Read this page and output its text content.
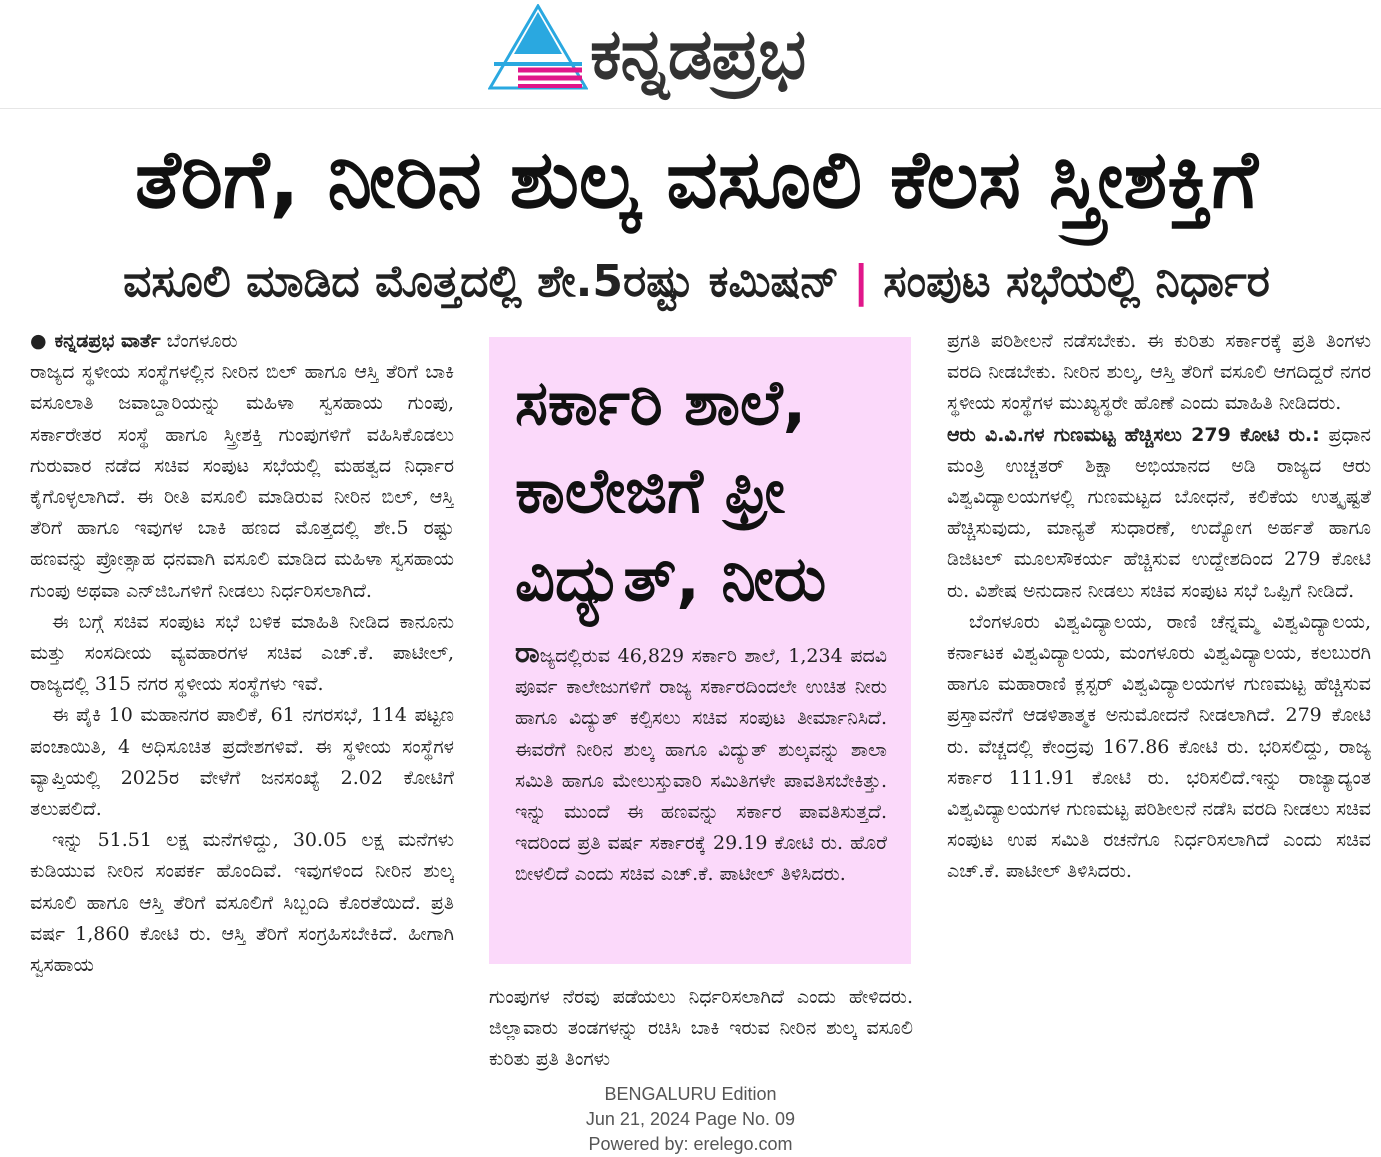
ಕನ್ನಡಪ್ರಭ
ತೆರಿಗೆ, ನೀರಿನ ಶುಲ್ಕ ವಸೂಲಿ ಕೆಲಸ ಸ್ತ್ರೀಶಕ್ತಿಗೆ
ವಸೂಲಿ ಮಾಡಿದ ಮೊತ್ತದಲ್ಲಿ ಶೇ.5ರಷ್ಟು ಕಮಿಷನ್ | ಸಂಪುಟ ಸಭೆಯಲ್ಲಿ ನಿರ್ಧಾರ

● ಕನ್ನಡಪ್ರಭ ವಾರ್ತೆ ಬೆಂಗಳೂರು

ರಾಜ್ಯದ ಸ್ಥಳೀಯ ಸಂಸ್ಥೆಗಳಲ್ಲಿನ ನೀರಿನ ಬಿಲ್ ಹಾಗೂ ಆಸ್ತಿ ತೆರಿಗೆ ಬಾಕಿ ವಸೂಲಾತಿ ಜವಾಬ್ದಾರಿಯನ್ನು ಮಹಿಳಾ ಸ್ವಸಹಾಯ ಗುಂಪು, ಸರ್ಕಾರೇತರ ಸಂಸ್ಥೆ ಹಾಗೂ ಸ್ತ್ರೀಶಕ್ತಿ ಗುಂಪುಗಳಿಗೆ ವಹಿಸಿಕೊಡಲು ಗುರುವಾರ ನಡೆದ ಸಚಿವ ಸಂಪುಟ ಸಭೆಯಲ್ಲಿ ಮಹತ್ವದ ನಿರ್ಧಾರ ಕೈಗೊಳ್ಳಲಾಗಿದೆ. ಈ ರೀತಿ ವಸೂಲಿ ಮಾಡಿರುವ ನೀರಿನ ಬಿಲ್, ಆಸ್ತಿ ತೆರಿಗೆ ಹಾಗೂ ಇವುಗಳ ಬಾಕಿ ಹಣದ ಮೊತ್ತದಲ್ಲಿ ಶೇ.5 ರಷ್ಟು ಹಣವನ್ನು ಪ್ರೋತ್ಸಾಹ ಧನವಾಗಿ ವಸೂಲಿ ಮಾಡಿದ ಮಹಿಳಾ ಸ್ವಸಹಾಯ ಗುಂಪು ಅಥವಾ ಎನ್‌ಜಿಒಗಳಿಗೆ ನೀಡಲು ನಿರ್ಧರಿಸಲಾಗಿದೆ.

ಈ ಬಗ್ಗೆ ಸಚಿವ ಸಂಪುಟ ಸಭೆ ಬಳಿಕ ಮಾಹಿತಿ ನೀಡಿದ ಕಾನೂನು ಮತ್ತು ಸಂಸದೀಯ ವ್ಯವಹಾರಗಳ ಸಚಿವ ಎಚ್.ಕೆ. ಪಾಟೀಲ್, ರಾಜ್ಯದಲ್ಲಿ 315 ನಗರ ಸ್ಥಳೀಯ ಸಂಸ್ಥೆಗಳು ಇವೆ.

ಈ ಪೈಕಿ 10 ಮಹಾನಗರ ಪಾಲಿಕೆ, 61 ನಗರಸಭೆ, 114 ಪಟ್ಟಣ ಪಂಚಾಯಿತಿ, 4 ಅಧಿಸೂಚಿತ ಪ್ರದೇಶಗಳಿವೆ. ಈ ಸ್ಥಳೀಯ ಸಂಸ್ಥೆಗಳ ವ್ಯಾಪ್ತಿಯಲ್ಲಿ 2025ರ ವೇಳೆಗೆ ಜನಸಂಖ್ಯೆ 2.02 ಕೋಟಿಗೆ ತಲುಪಲಿದೆ.

ಇನ್ನು 51.51 ಲಕ್ಷ ಮನೆಗಳಿದ್ದು, 30.05 ಲಕ್ಷ ಮನೆಗಳು ಕುಡಿಯುವ ನೀರಿನ ಸಂಪರ್ಕ ಹೊಂದಿವೆ. ಇವುಗಳಿಂದ ನೀರಿನ ಶುಲ್ಕ ವಸೂಲಿ ಹಾಗೂ ಆಸ್ತಿ ತೆರಿಗೆ ವಸೂಲಿಗೆ ಸಿಬ್ಬಂದಿ ಕೊರತೆಯಿದೆ. ಪ್ರತಿ ವರ್ಷ 1,860 ಕೋಟಿ ರು. ಆಸ್ತಿ ತೆರಿಗೆ ಸಂಗ್ರಹಿಸಬೇಕಿದೆ. ಹೀಗಾಗಿ ಸ್ವಸಹಾಯ

ಸರ್ಕಾರಿ ಶಾಲೆ, ಕಾಲೇಜಿಗೆ ಫ್ರೀ ವಿದ್ಯುತ್, ನೀರು

ರಾಜ್ಯದಲ್ಲಿರುವ 46,829 ಸರ್ಕಾರಿ ಶಾಲೆ, 1,234 ಪದವಿ ಪೂರ್ವ ಕಾಲೇಜುಗಳಿಗೆ ರಾಜ್ಯ ಸರ್ಕಾರದಿಂದಲೇ ಉಚಿತ ನೀರು ಹಾಗೂ ವಿದ್ಯುತ್ ಕಲ್ಪಿಸಲು ಸಚಿವ ಸಂಪುಟ ತೀರ್ಮಾನಿಸಿದೆ. ಈವರೆಗೆ ನೀರಿನ ಶುಲ್ಕ ಹಾಗೂ ವಿದ್ಯುತ್ ಶುಲ್ಕವನ್ನು ಶಾಲಾ ಸಮಿತಿ ಹಾಗೂ ಮೇಲುಸ್ತುವಾರಿ ಸಮಿತಿಗಳೇ ಪಾವತಿಸಬೇಕಿತ್ತು. ಇನ್ನು ಮುಂದೆ ಈ ಹಣವನ್ನು ಸರ್ಕಾರ ಪಾವತಿಸುತ್ತದೆ. ಇದರಿಂದ ಪ್ರತಿ ವರ್ಷ ಸರ್ಕಾರಕ್ಕೆ 29.19 ಕೋಟಿ ರು. ಹೊರೆ ಬೀಳಲಿದೆ ಎಂದು ಸಚಿವ ಎಚ್.ಕೆ. ಪಾಟೀಲ್ ತಿಳಿಸಿದರು.

ಗುಂಪುಗಳ ನೆರವು ಪಡೆಯಲು ನಿರ್ಧರಿಸಲಾಗಿದೆ ಎಂದು ಹೇಳಿದರು. ಜಿಲ್ಲಾವಾರು ತಂಡಗಳನ್ನು ರಚಿಸಿ ಬಾಕಿ ಇರುವ ನೀರಿನ ಶುಲ್ಕ ವಸೂಲಿ ಕುರಿತು ಪ್ರತಿ ತಿಂಗಳು

ಪ್ರಗತಿ ಪರಿಶೀಲನೆ ನಡೆಸಬೇಕು. ಈ ಕುರಿತು ಸರ್ಕಾರಕ್ಕೆ ಪ್ರತಿ ತಿಂಗಳು ವರದಿ ನೀಡಬೇಕು. ನೀರಿನ ಶುಲ್ಕ, ಆಸ್ತಿ ತೆರಿಗೆ ವಸೂಲಿ ಆಗದಿದ್ದರೆ ನಗರ ಸ್ಥಳೀಯ ಸಂಸ್ಥೆಗಳ ಮುಖ್ಯಸ್ಥರೇ ಹೊಣೆ ಎಂದು ಮಾಹಿತಿ ನೀಡಿದರು.

ಆರು ವಿ.ವಿ.ಗಳ ಗುಣಮಟ್ಟ ಹೆಚ್ಚಿಸಲು 279 ಕೋಟಿ ರು.: ಪ್ರಧಾನ ಮಂತ್ರಿ ಉಚ್ಚತರ್ ಶಿಕ್ಷಾ ಅಭಿಯಾನದ ಅಡಿ ರಾಜ್ಯದ ಆರು ವಿಶ್ವವಿದ್ಯಾಲಯಗಳಲ್ಲಿ ಗುಣಮಟ್ಟದ ಬೋಧನೆ, ಕಲಿಕೆಯ ಉತ್ಕೃಷ್ಟತೆ ಹೆಚ್ಚಿಸುವುದು, ಮಾನ್ಯತೆ ಸುಧಾರಣೆ, ಉದ್ಯೋಗ ಅರ್ಹತೆ ಹಾಗೂ ಡಿಜಿಟಲ್ ಮೂಲಸೌಕರ್ಯ ಹೆಚ್ಚಿಸುವ ಉದ್ದೇಶದಿಂದ 279 ಕೋಟಿ ರು. ವಿಶೇಷ ಅನುದಾನ ನೀಡಲು ಸಚಿವ ಸಂಪುಟ ಸಭೆ ಒಪ್ಪಿಗೆ ನೀಡಿದೆ.

ಬೆಂಗಳೂರು ವಿಶ್ವವಿದ್ಯಾಲಯ, ರಾಣಿ ಚೆನ್ನಮ್ಮ ವಿಶ್ವವಿದ್ಯಾಲಯ, ಕರ್ನಾಟಕ ವಿಶ್ವವಿದ್ಯಾಲಯ, ಮಂಗಳೂರು ವಿಶ್ವವಿದ್ಯಾಲಯ, ಕಲಬುರಗಿ ಹಾಗೂ ಮಹಾರಾಣಿ ಕ್ಲಸ್ಟರ್ ವಿಶ್ವವಿದ್ಯಾಲಯಗಳ ಗುಣಮಟ್ಟ ಹೆಚ್ಚಿಸುವ ಪ್ರಸ್ತಾವನೆಗೆ ಆಡಳಿತಾತ್ಮಕ ಅನುಮೋದನೆ ನೀಡಲಾಗಿದೆ. 279 ಕೋಟಿ ರು. ವೆಚ್ಚದಲ್ಲಿ ಕೇಂದ್ರವು 167.86 ಕೋಟಿ ರು. ಭರಿಸಲಿದ್ದು, ರಾಜ್ಯ ಸರ್ಕಾರ 111.91 ಕೋಟಿ ರು. ಭರಿಸಲಿದೆ.ಇನ್ನು ರಾಜ್ಯಾದ್ಯಂತ ವಿಶ್ವವಿದ್ಯಾಲಯಗಳ ಗುಣಮಟ್ಟ ಪರಿಶೀಲನೆ ನಡೆಸಿ ವರದಿ ನೀಡಲು ಸಚಿವ ಸಂಪುಟ ಉಪ ಸಮಿತಿ ರಚನೆಗೂ ನಿರ್ಧರಿಸಲಾಗಿದೆ ಎಂದು ಸಚಿವ ಎಚ್.ಕೆ. ಪಾಟೀಲ್ ತಿಳಿಸಿದರು.

BENGALURU Edition
Jun 21, 2024 Page No. 09
Powered by: erelego.com
